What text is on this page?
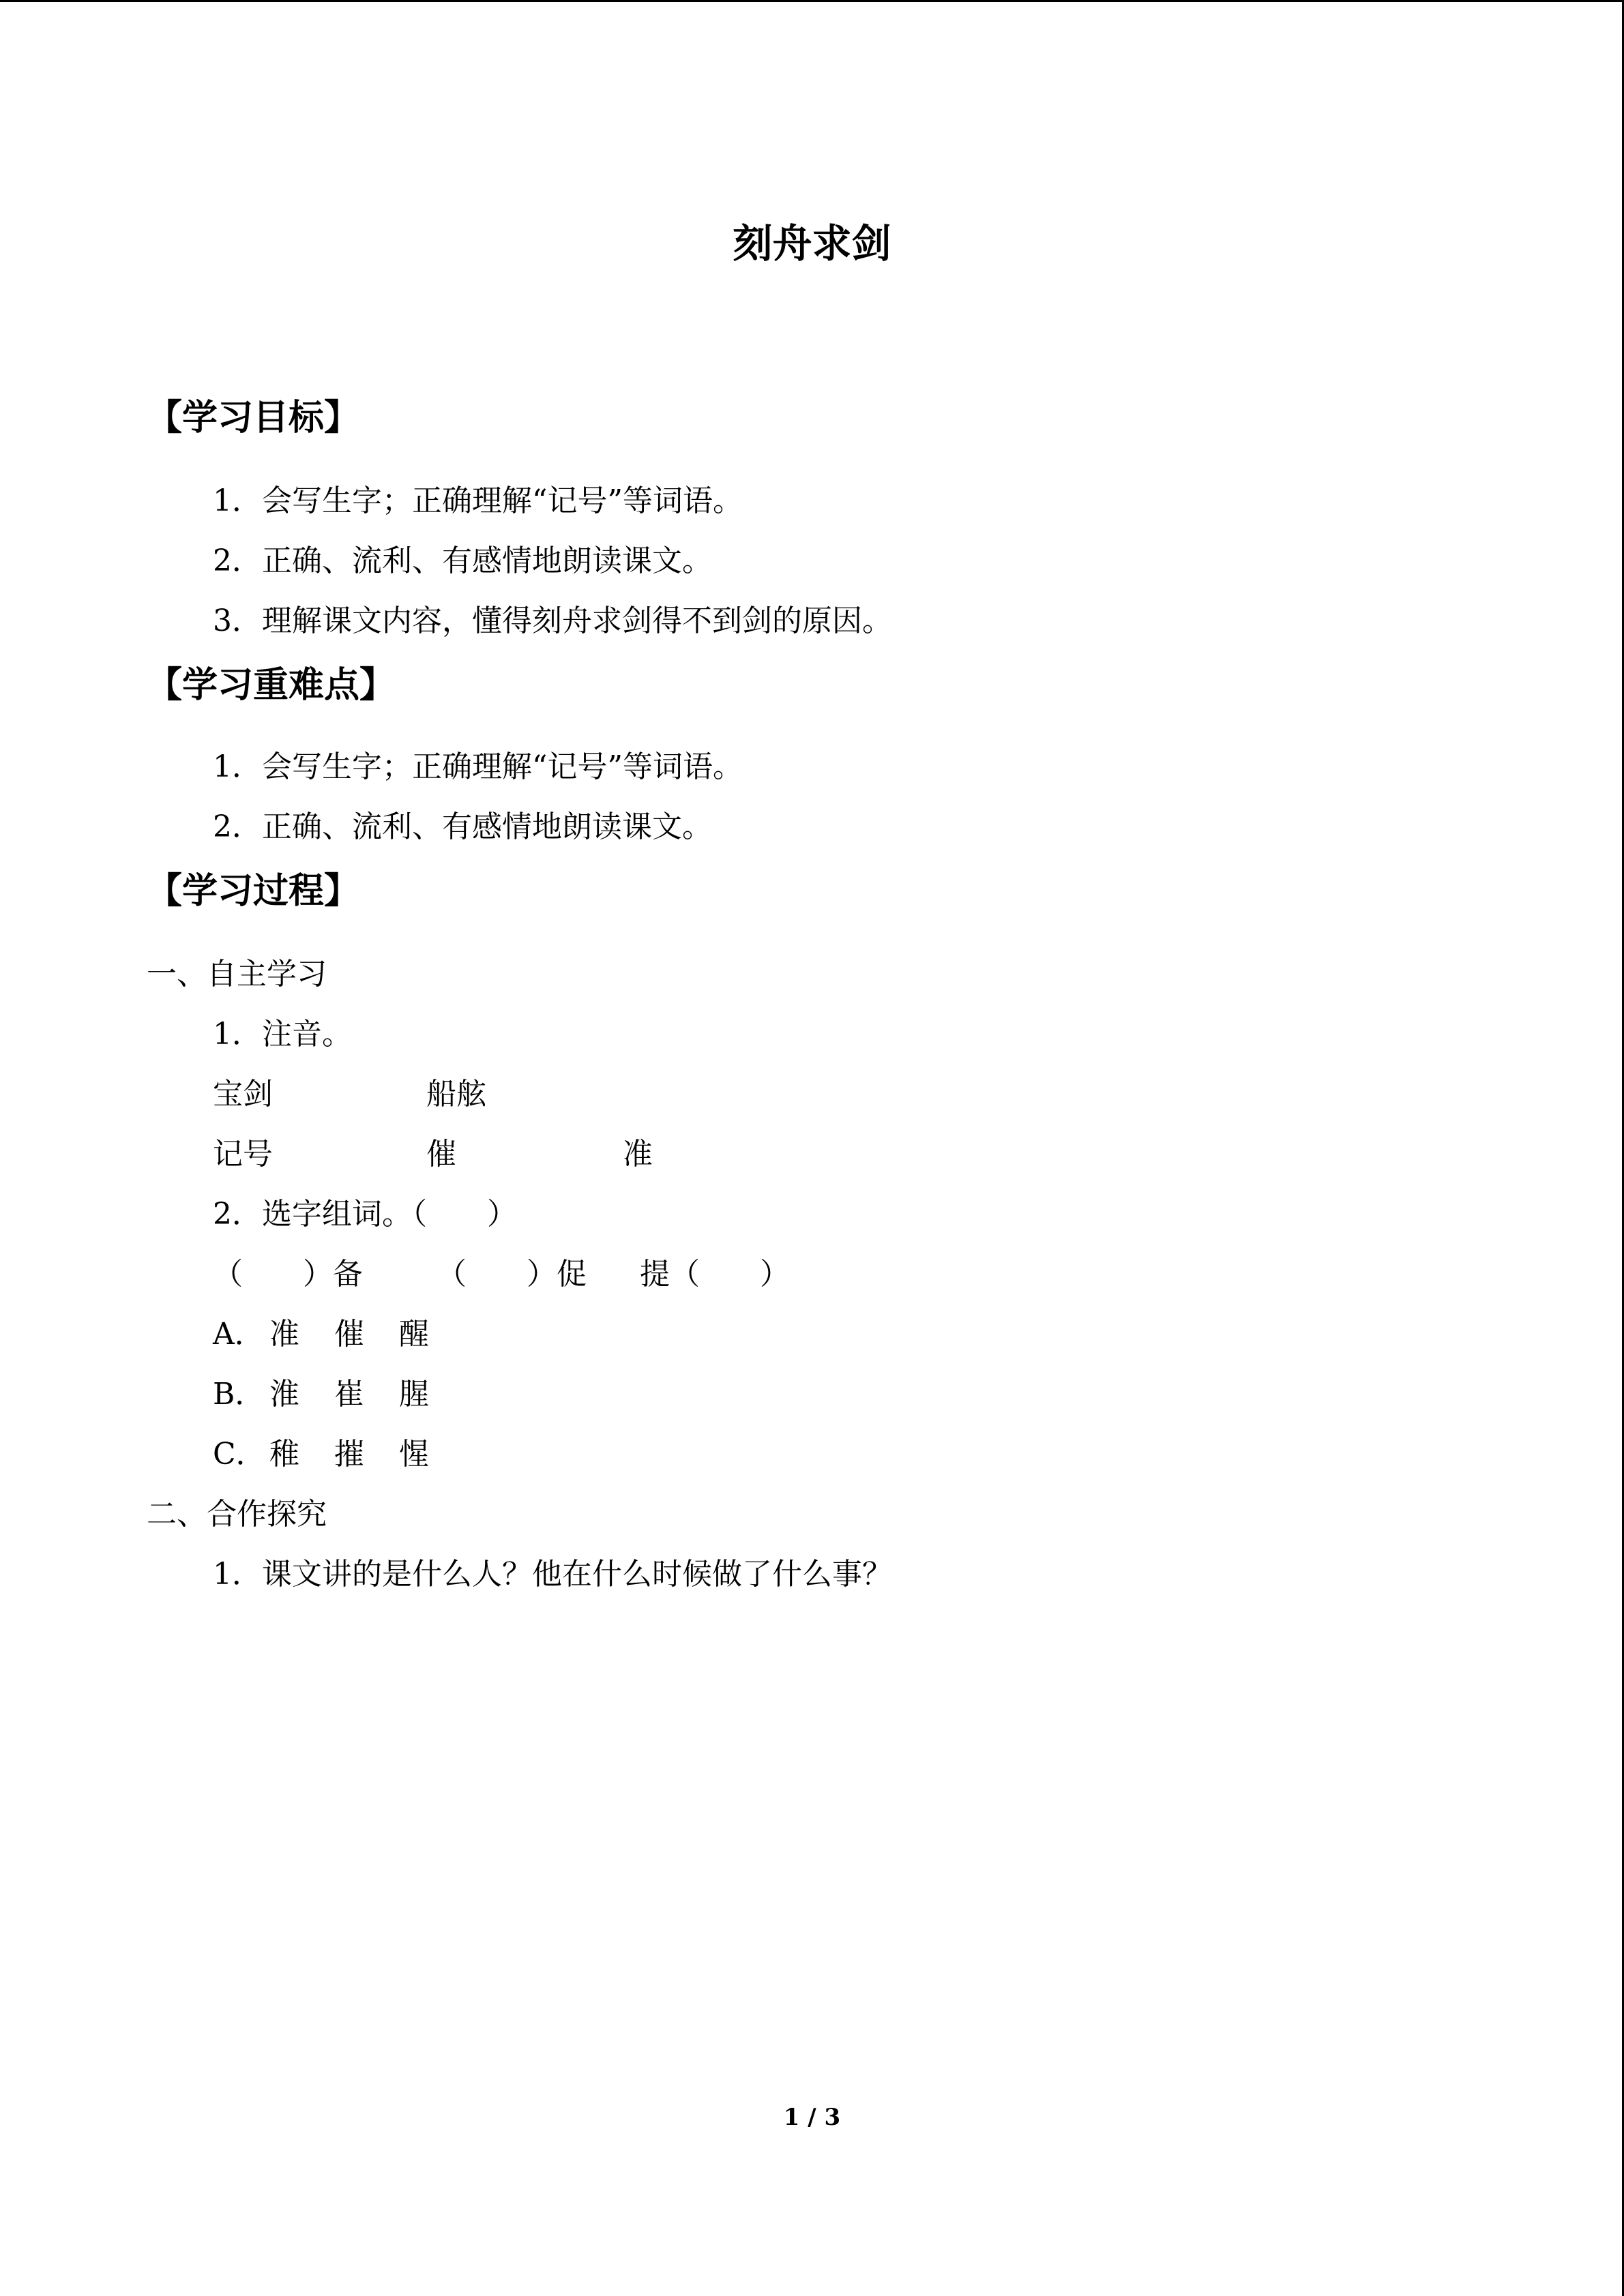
刻舟求剑
【学习目标】
1．会写生字；正确理解“记号”等词语。
2．正确、流利、有感情地朗读课文。
3．理解课文内容，懂得刻舟求剑得不到剑的原因。
【学习重难点】
1．会写生字；正确理解“记号”等词语。
2．正确、流利、有感情地朗读课文。
【学习过程】
一、自主学习
1．注音。
宝剑	船舷
记号	催	准
2．选字组词。（　　）
（　　）备 （　　）促 提（　　）
A． 准 催 醒
B． 淮 崔 腥
C． 稚 摧 惺
二、合作探究
1．课文讲的是什么人？他在什么时候做了什么事？
1 / 3
